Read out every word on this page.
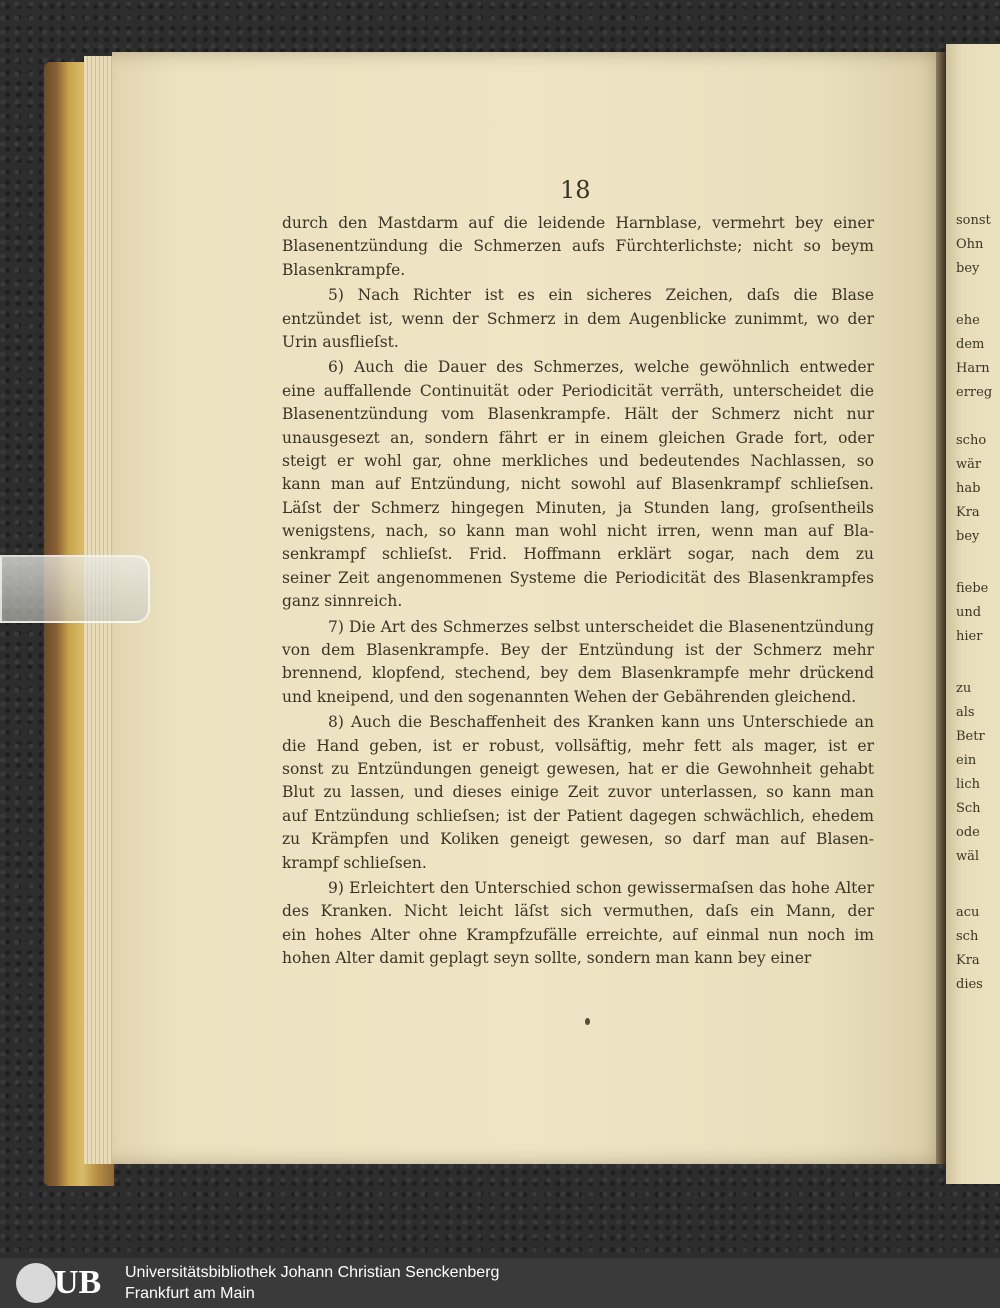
sonst
Ohn
bey
ehe
dem
Harn
erreg
scho
wär
hab
Kra
bey
fiebe
und
hier
zu
als
Betr
ein
lich
Sch
ode
wäl
acu
sch
Kra
dies
18
durch den Mastdarm auf die leidende Harnblase, vermehrt bey einer
Blasenentzündung die Schmerzen aufs Fürchterlichste; nicht so beym
Blasenkrampfe.
5) Nach Richter ist es ein sicheres Zeichen, daſs die Blase
entzündet ist, wenn der Schmerz in dem Augenblicke zunimmt, wo der
Urin ausflieſst.
6) Auch die Dauer des Schmerzes, welche gewöhnlich entweder
eine auffallende Continuität oder Periodicität verräth, unterscheidet die
Blasenentzündung vom Blasenkrampfe. Hält der Schmerz nicht nur
unausgesezt an, sondern fährt er in einem gleichen Grade fort, oder
steigt er wohl gar, ohne merkliches und bedeutendes Nachlassen, so
kann man auf Entzündung, nicht sowohl auf Blasenkrampf schlieſsen.
Läſst der Schmerz hingegen Minuten, ja Stunden lang, groſsentheils
wenigstens, nach, so kann man wohl nicht irren, wenn man auf Bla-
senkrampf schlieſst. Frid. Hoffmann erklärt sogar, nach dem zu
seiner Zeit angenommenen Systeme die Periodicität des Blasenkrampfes
ganz sinnreich.
7) Die Art des Schmerzes selbst unterscheidet die Blasenentzündung
von dem Blasenkrampfe. Bey der Entzündung ist der Schmerz mehr
brennend, klopfend, stechend, bey dem Blasenkrampfe mehr drückend
und kneipend, und den sogenannten Wehen der Gebährenden gleichend.
8) Auch die Beschaffenheit des Kranken kann uns Unterschiede an
die Hand geben, ist er robust, vollsäftig, mehr fett als mager, ist er
sonst zu Entzündungen geneigt gewesen, hat er die Gewohnheit gehabt
Blut zu lassen, und dieses einige Zeit zuvor unterlassen, so kann man
auf Entzündung schlieſsen; ist der Patient dagegen schwächlich, ehedem
zu Krämpfen und Koliken geneigt gewesen, so darf man auf Blasen-
krampf schlieſsen.
9) Erleichtert den Unterschied schon gewissermaſsen das hohe Alter
des Kranken. Nicht leicht läſst sich vermuthen, daſs ein Mann, der
ein hohes Alter ohne Krampfzufälle erreichte, auf einmal nun noch im
hohen Alter damit geplagt seyn sollte, sondern man kann bey einer
UB Universitätsbibliothek Johann Christian Senckenberg
Frankfurt am Main
